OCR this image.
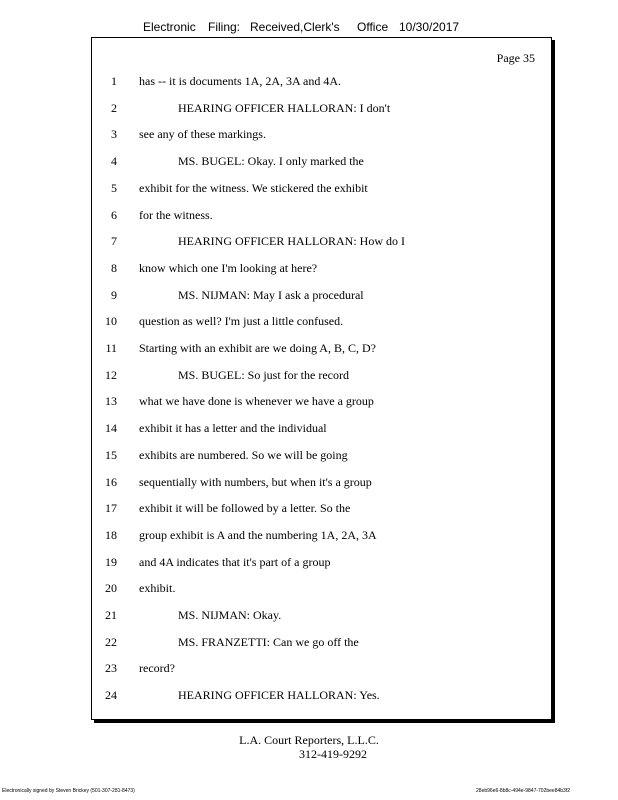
Electronic Filing: Received,Clerk's Office 10/30/2017
Page 35
1 has -- it is documents 1A, 2A, 3A and 4A.
2	HEARING OFFICER HALLORAN: I don't
3 see any of these markings.
4	MS. BUGEL: Okay. I only marked the
5 exhibit for the witness. We stickered the exhibit
6 for the witness.
7	HEARING OFFICER HALLORAN: How do I
8 know which one I'm looking at here?
9	MS. NIJMAN: May I ask a procedural
10 question as well? I'm just a little confused.
11 Starting with an exhibit are we doing A, B, C, D?
12	MS. BUGEL: So just for the record
13 what we have done is whenever we have a group
14 exhibit it has a letter and the individual
15 exhibits are numbered. So we will be going
16 sequentially with numbers, but when it's a group
17 exhibit it will be followed by a letter. So the
18 group exhibit is A and the numbering 1A, 2A, 3A
19 and 4A indicates that it's part of a group
20 exhibit.
21	MS. NIJMAN: Okay.
22	MS. FRANZETTI: Can we go off the
23 record?
24	HEARING OFFICER HALLORAN: Yes.
L.A. Court Reporters, L.L.C.
312-419-9292
Electronically signed by Steven Brickey (501-307-281-8473)	28eb96e6-8b8c-494e-9847-702bee84b3f2
